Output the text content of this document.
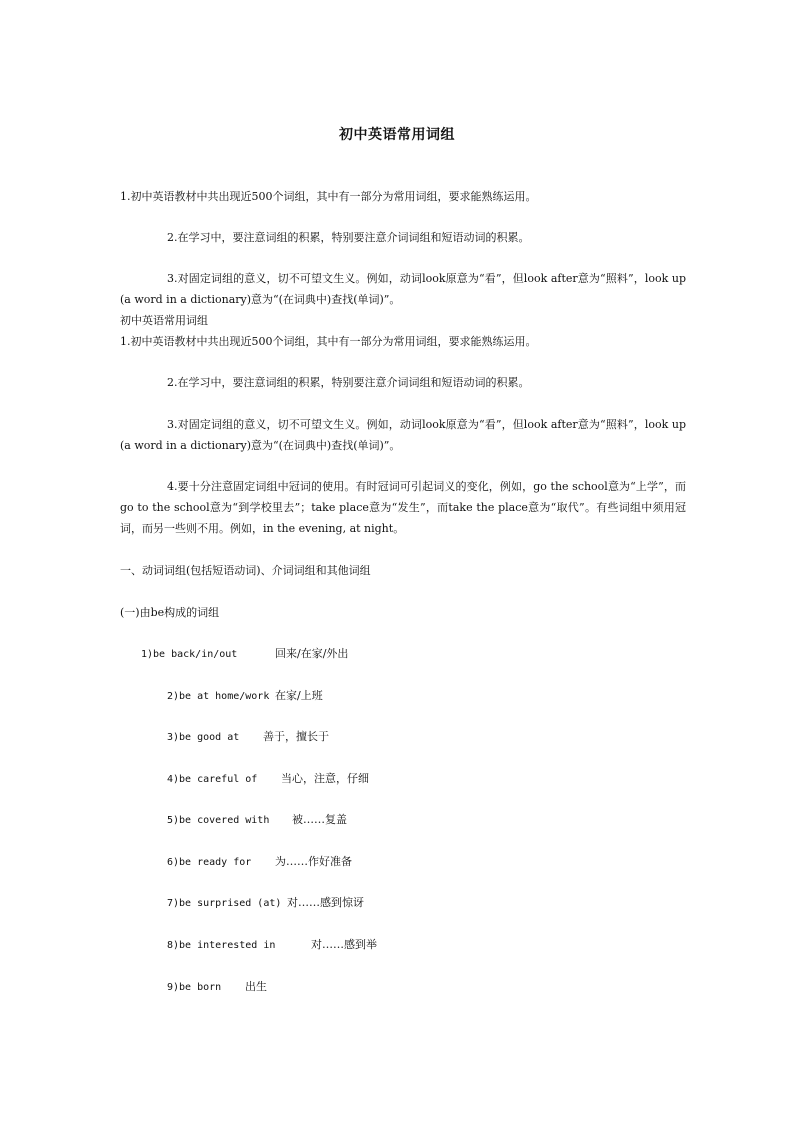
初中英语常用词组
1.初中英语教材中共出现近500个词组，其中有一部分为常用词组，要求能熟练运用。
2.在学习中，要注意词组的积累，特别要注意介词词组和短语动词的积累。
3.对固定词组的意义，切不可望文生义。例如，动词look原意为“看”，但look after意为“照料”，look up (a word in a dictionary)意为“(在词典中)查找(单词)”。
初中英语常用词组
1.初中英语教材中共出现近500个词组，其中有一部分为常用词组，要求能熟练运用。
2.在学习中，要注意词组的积累，特别要注意介词词组和短语动词的积累。
3.对固定词组的意义，切不可望文生义。例如，动词look原意为“看”，但look after意为“照料”，look up (a word in a dictionary)意为“(在词典中)查找(单词)”。
4.要十分注意固定词组中冠词的使用。有时冠词可引起词义的变化，例如，go the school意为“上学”，而go to the school意为“到学校里去”；take place意为“发生”，而take the place意为“取代”。有些词组中须用冠词，而另一些则不用。例如，in the evening, at night。
一、动词词组(包括短语动词)、介词词组和其他词组
(一)由be构成的词组
1)be back/in/out	回来/在家/外出
2)be at home/work 在家/上班
3)be good at 善于，擅长于
4)be careful of 当心，注意，仔细
5)be covered with 被……复盖
6)be ready for 为……作好准备
7)be surprised (at) 对……感到惊讶
8)be interested in	对……感到举
9)be born 出生
